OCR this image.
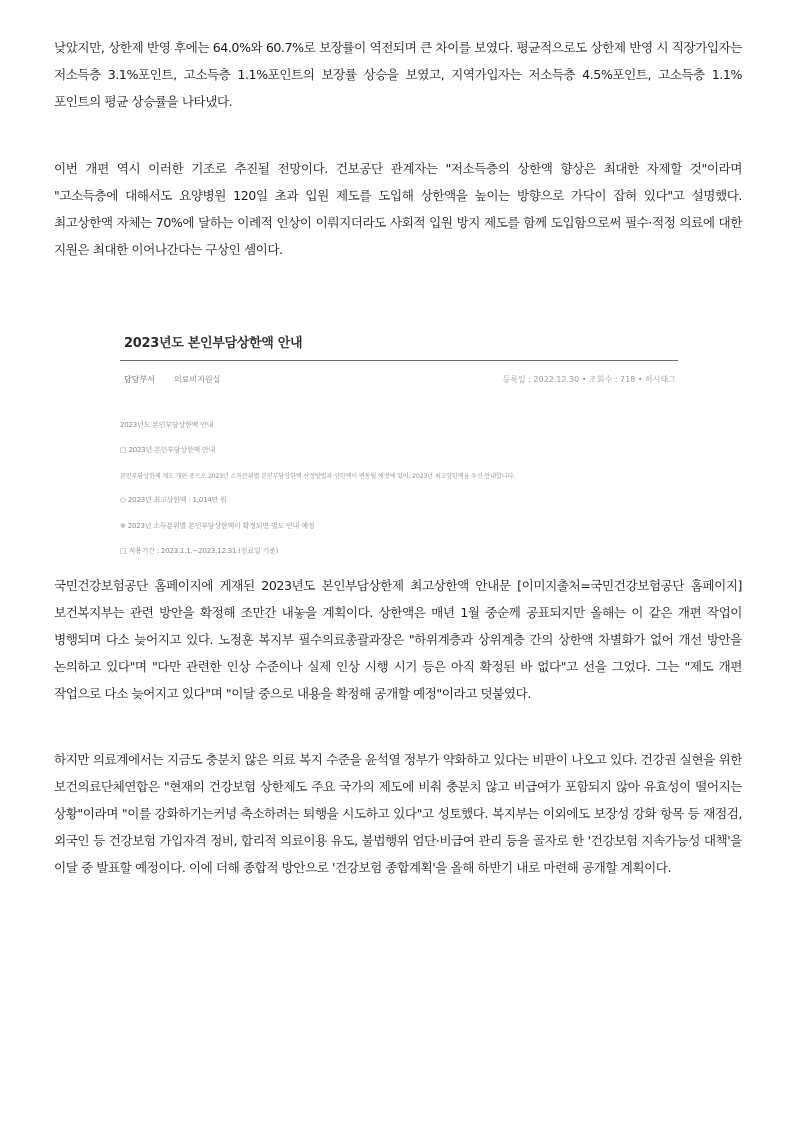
낮았지만, 상한제 반영 후에는 64.0%와 60.7%로 보장률이 역전되며 큰 차이를 보였다. 평균적으로도 상한제 반영 시 직장가입자는 저소득층 3.1%포인트, 고소득층 1.1%포인트의 보장률 상승을 보였고, 지역가입자는 저소득층 4.5%포인트, 고소득층 1.1%포인트의 평균 상승률을 나타냈다.

이번 개편 역시 이러한 기조로 추진될 전망이다. 건보공단 관계자는 "저소득층의 상한액 향상은 최대한 자제할 것"이라며 "고소득층에 대해서도 요양병원 120일 초과 입원 제도를 도입해 상한액을 높이는 방향으로 가닥이 잡혀 있다"고 설명했다. 최고상한액 자체는 70%에 달하는 이례적 인상이 이뤄지더라도 사회적 입원 방지 제도를 함께 도입함으로써 필수·적정 의료에 대한 지원은 최대한 이어나간다는 구상인 셈이다.

2023년도 본인부담상한액 안내
담당부서 의료비지원실	등록일 : 2022.12.30 • 조회수 : 718 • 하시태그
2023년도 본인부담상한액 안내
□ 2023년 본인부담상한액 안내
본인부담상한제 제도 개편 중으로 2023년 소득분위별 본인부담상한액 산정방법과 상한액이 변동될 예정에 있어, 2023년 최고상한액을 우선 안내합니다.
○ 2023년 최고상한액 : 1,014만 원
※ 2023년 소득분위별 본인부담상한액이 확정되면 별도 안내 예정
□ 적용기간 : 2023.1.1.~2023.12.31.(진료일 기준)

국민건강보험공단 홈페이지에 게재된 2023년도 본인부담상한제 최고상한액 안내문 [이미지출처=국민건강보험공단 홈페이지] 보건복지부는 관련 방안을 확정해 조만간 내놓을 계획이다. 상한액은 매년 1월 중순께 공표되지만 올해는 이 같은 개편 작업이 병행되며 다소 늦어지고 있다. 노정훈 복지부 필수의료총괄과장은 "하위계층과 상위계층 간의 상한액 차별화가 없어 개선 방안을 논의하고 있다"며 "다만 관련한 인상 수준이나 실제 인상 시행 시기 등은 아직 확정된 바 없다"고 선을 그었다. 그는 "제도 개편 작업으로 다소 늦어지고 있다"며 "이달 중으로 내용을 확정해 공개할 예정"이라고 덧붙였다.

하지만 의료계에서는 지금도 충분치 않은 의료 복지 수준을 윤석열 정부가 약화하고 있다는 비판이 나오고 있다. 건강권 실현을 위한 보건의료단체연합은 "현재의 건강보험 상한제도 주요 국가의 제도에 비춰 충분치 않고 비급여가 포함되지 않아 유효성이 떨어지는 상황"이라며 "이를 강화하기는커녕 축소하려는 퇴행을 시도하고 있다"고 성토했다. 복지부는 이외에도 보장성 강화 항목 등 재점검, 외국인 등 건강보험 가입자격 정비, 합리적 의료이용 유도, 불법행위 엄단·비급여 관리 등을 골자로 한 '건강보험 지속가능성 대책'을 이달 중 발표할 예정이다. 이에 더해 종합적 방안으로 '건강보험 종합계획'을 올해 하반기 내로 마련해 공개할 계획이다.
